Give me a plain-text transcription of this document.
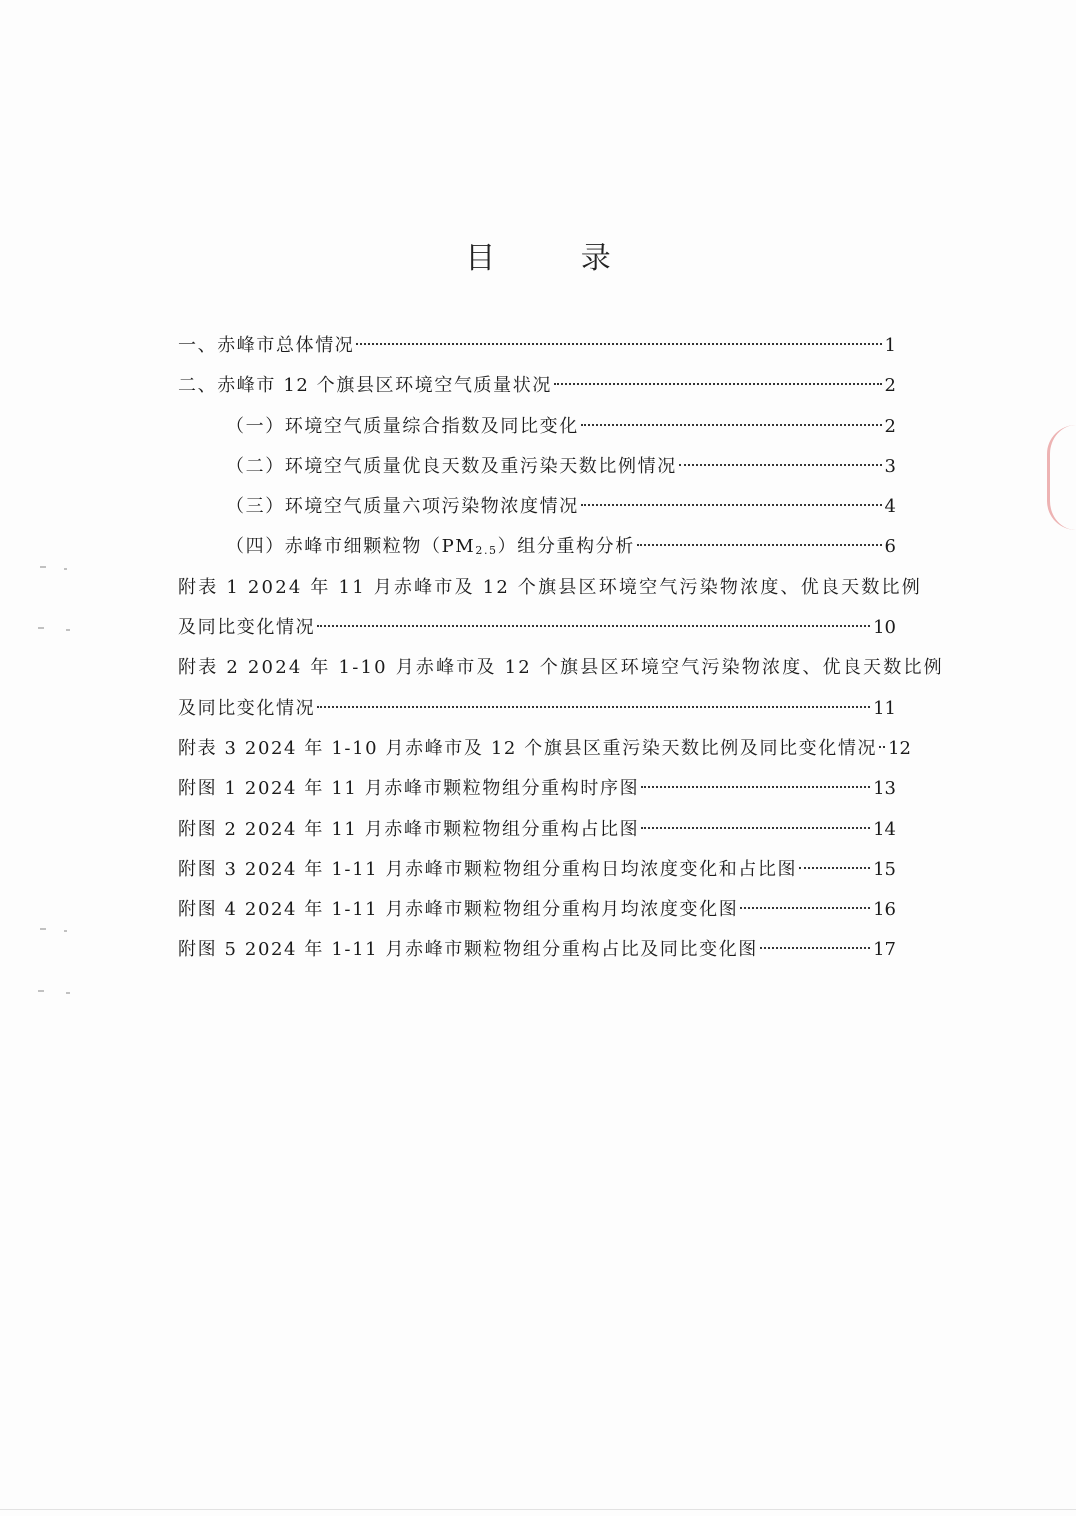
目 录
一、赤峰市总体情况	1
二、赤峰市 12 个旗县区环境空气质量状况	2
（一）环境空气质量综合指数及同比变化	2
（二）环境空气质量优良天数及重污染天数比例情况	3
（三）环境空气质量六项污染物浓度情况	4
（四）赤峰市细颗粒物$(PM_{2.5})$组分重构分析	6
附表 1 2024 年 11 月赤峰市及 12 个旗县区环境空气污染物浓度、优良天数比例
及同比变化情况	10
附表 2 2024 年 1-10 月赤峰市及 12 个旗县区环境空气污染物浓度、优良天数比例
及同比变化情况	11
附表 3 2024 年 1-10 月赤峰市及 12 个旗县区重污染天数比例及同比变化情况 12
附图 1 2024 年 11 月赤峰市颗粒物组分重构时序图	13
附图 2 2024 年 11 月赤峰市颗粒物组分重构占比图	14
附图 3 2024 年 1-11 月赤峰市颗粒物组分重构日均浓度变化和占比图	15
附图 4 2024 年 1-11 月赤峰市颗粒物组分重构月均浓度变化图	16
附图 5 2024 年 1-11 月赤峰市颗粒物组分重构占比及同比变化图	17
